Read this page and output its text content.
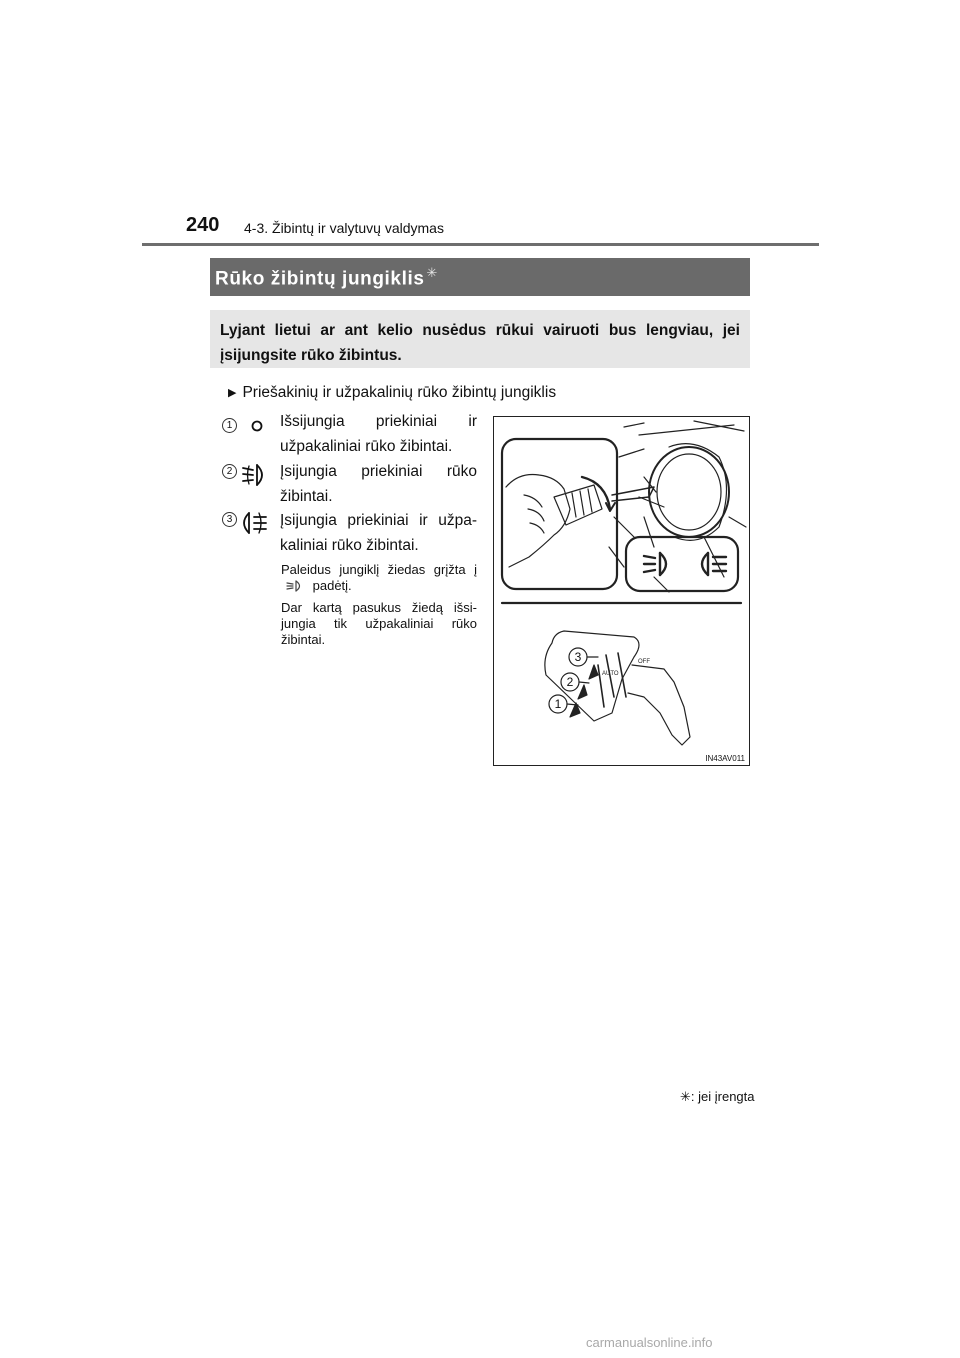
240 4-3. Žibintų ir valytuvų valdymas
Rūko žibintų jungiklis ✳
Lyjant lietui ar ant kelio nusėdus rūkui vairuoti bus lengviau, jei įsijungsite rūko žibintus.
▶ Priešakinių ir užpakalinių rūko žibintų jungiklis
1	Išsijungia priekiniai ir užpakaliniai rūko žibintai.
2	Įsijungia priekiniai rūko žibintai.
3	Įsijungia priekiniai ir užpa-kaliniai rūko žibintai.
Paleidus jungiklį žiedas grįžta į  padėtį.
Dar kartą pasukus žiedą išsi-jungia tik užpakaliniai rūko žibintai.
3
2
1
AUTO
OFF
IN43AV011
✳: jei įrengta
carmanualsonline.info
